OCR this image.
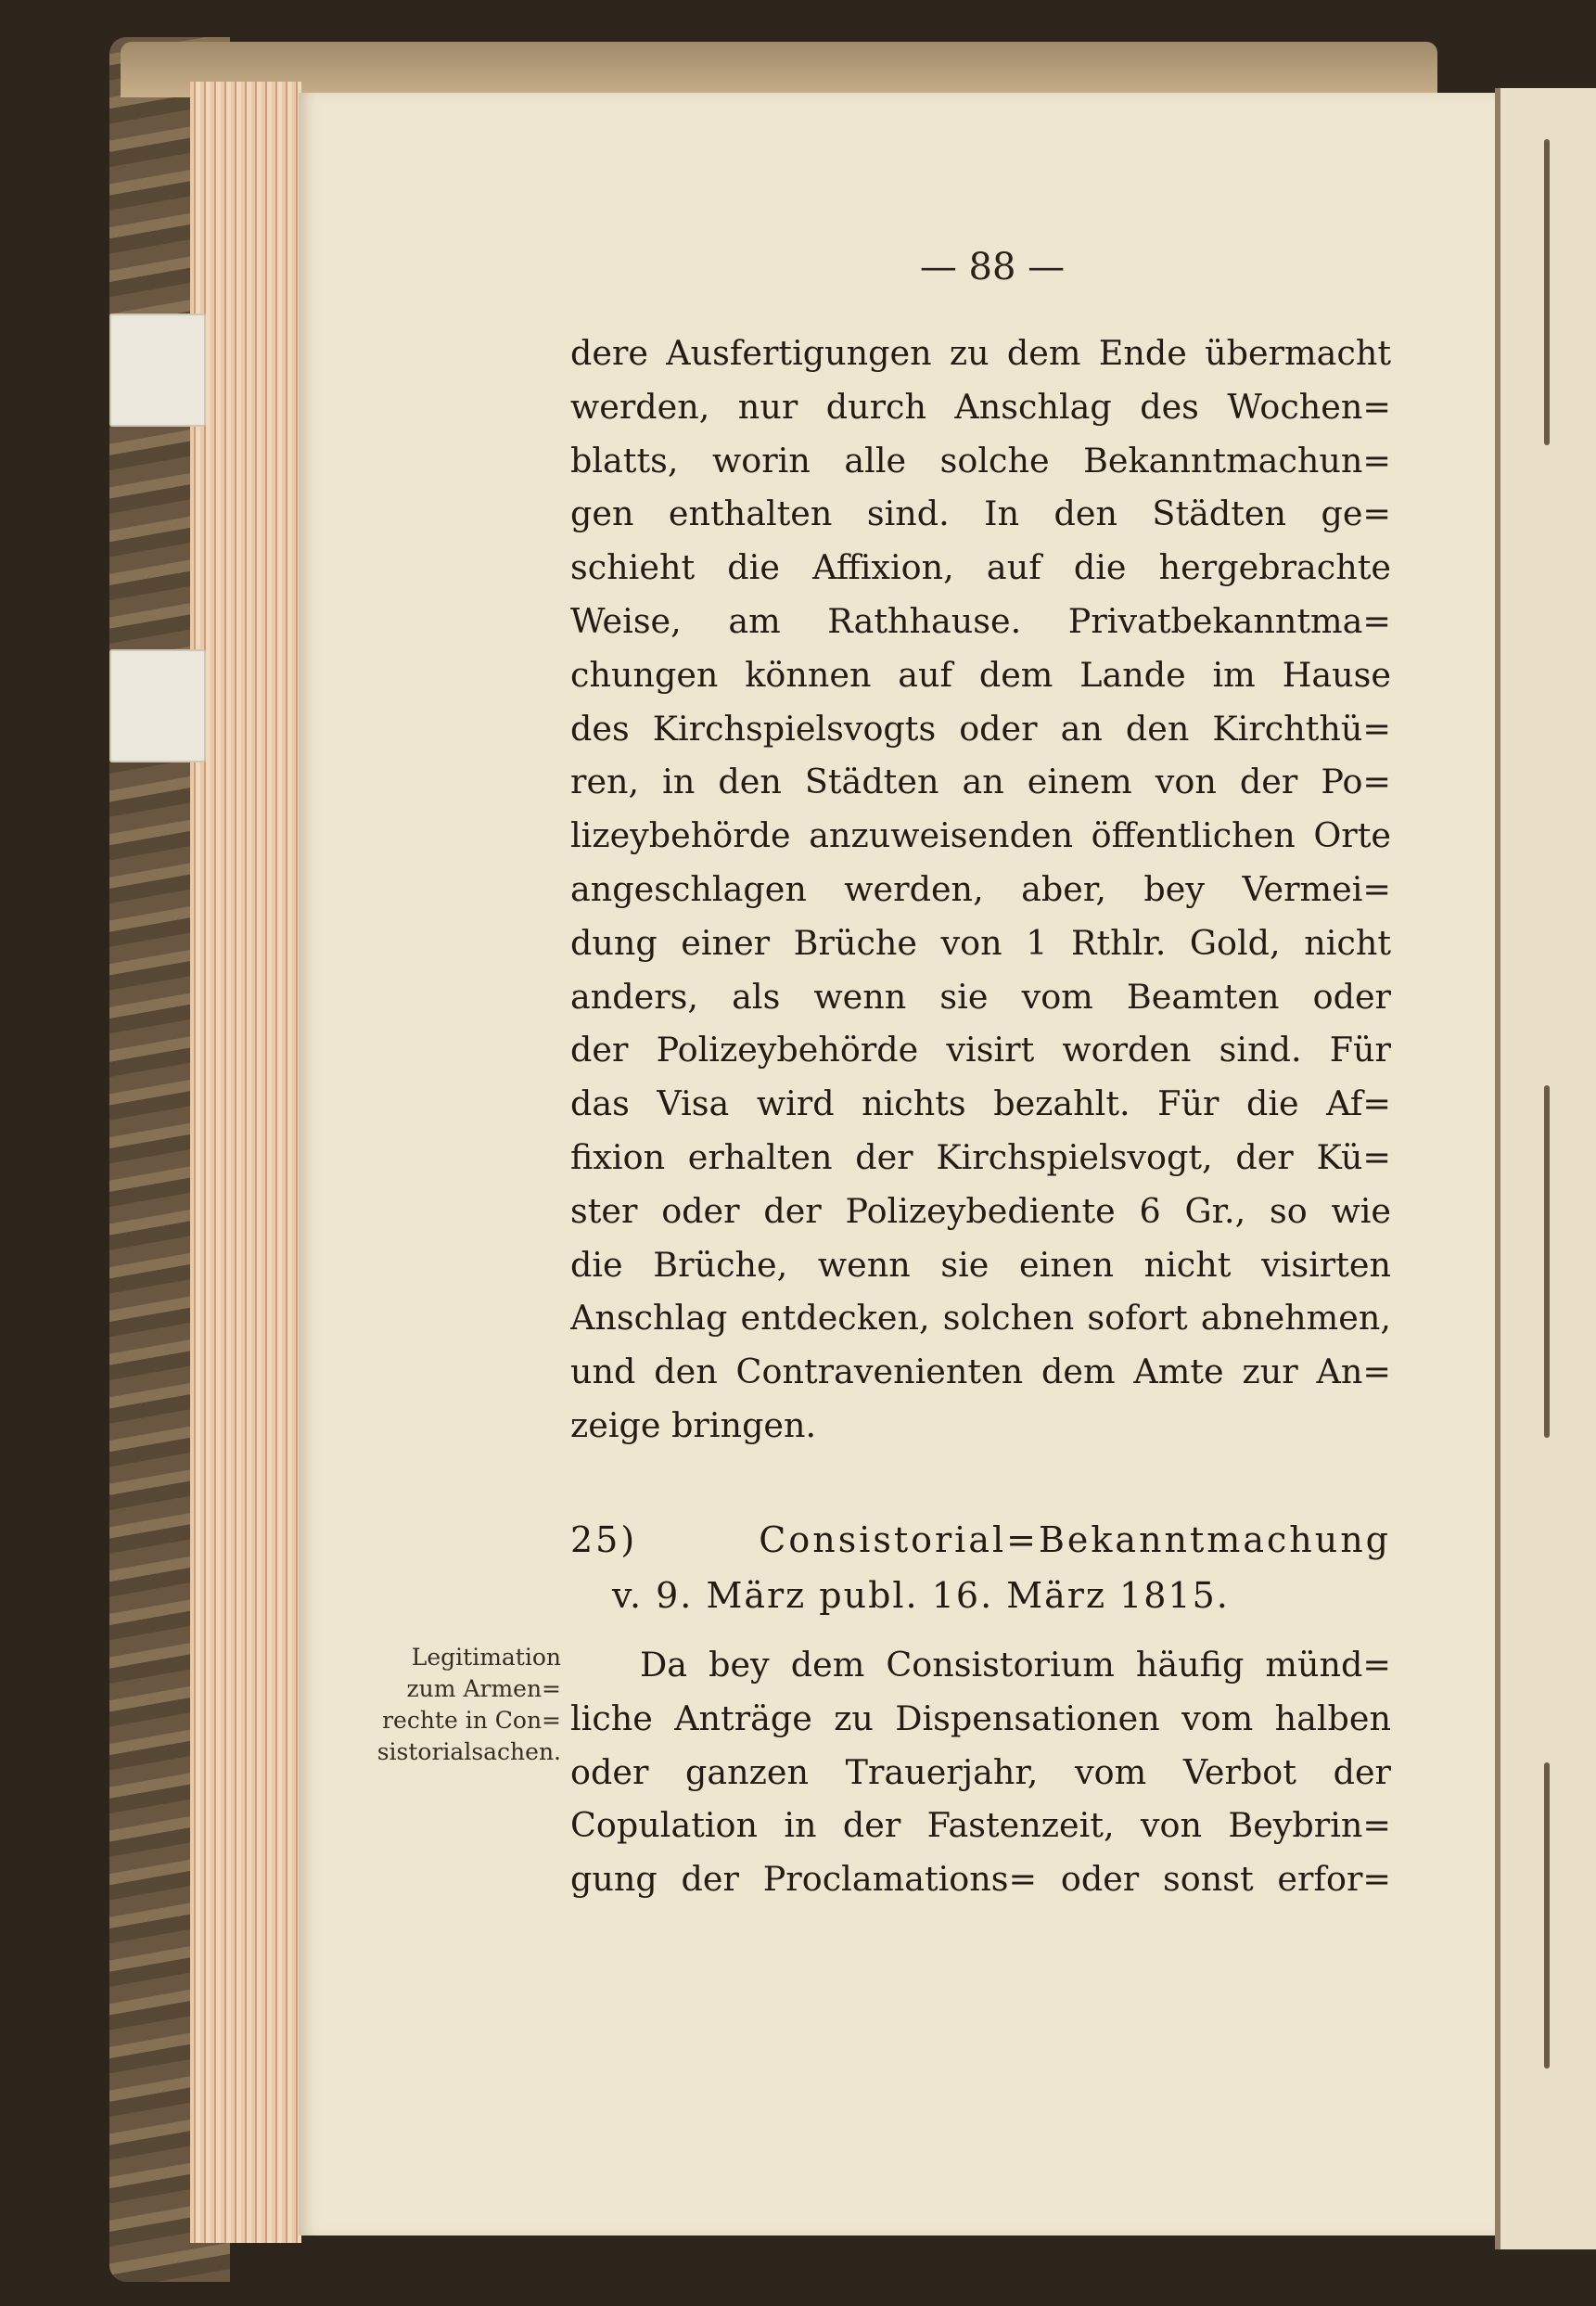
— 88 —
dere Ausfertigungen zu dem Ende übermacht
werden, nur durch Anschlag des Wochen=
blatts, worin alle solche Bekanntmachun=
gen enthalten sind. In den Städten ge=
schieht die Affixion, auf die hergebrachte
Weise, am Rathhause. Privatbekanntma=
chungen können auf dem Lande im Hause
des Kirchspielsvogts oder an den Kirchthü=
ren, in den Städten an einem von der Po=
lizeybehörde anzuweisenden öffentlichen Orte
angeschlagen werden, aber, bey Vermei=
dung einer Brüche von 1 Rthlr. Gold, nicht
anders, als wenn sie vom Beamten oder
der Polizeybehörde visirt worden sind. Für
das Visa wird nichts bezahlt. Für die Af=
fixion erhalten der Kirchspielsvogt, der Kü=
ster oder der Polizeybediente 6 Gr., so wie
die Brüche, wenn sie einen nicht visirten
Anschlag entdecken, solchen sofort abnehmen,
und den Contravenienten dem Amte zur An=
zeige bringen.
25) Consistorial=Bekanntmachung
v. 9. März publ. 16. März 1815.
Legitimation
zum Armen=
rechte in Con=
sistorialsachen.
Da bey dem Consistorium häufig münd=
liche Anträge zu Dispensationen vom halben
oder ganzen Trauerjahr, vom Verbot der
Copulation in der Fastenzeit, von Beybrin=
gung der Proclamations= oder sonst erfor=
